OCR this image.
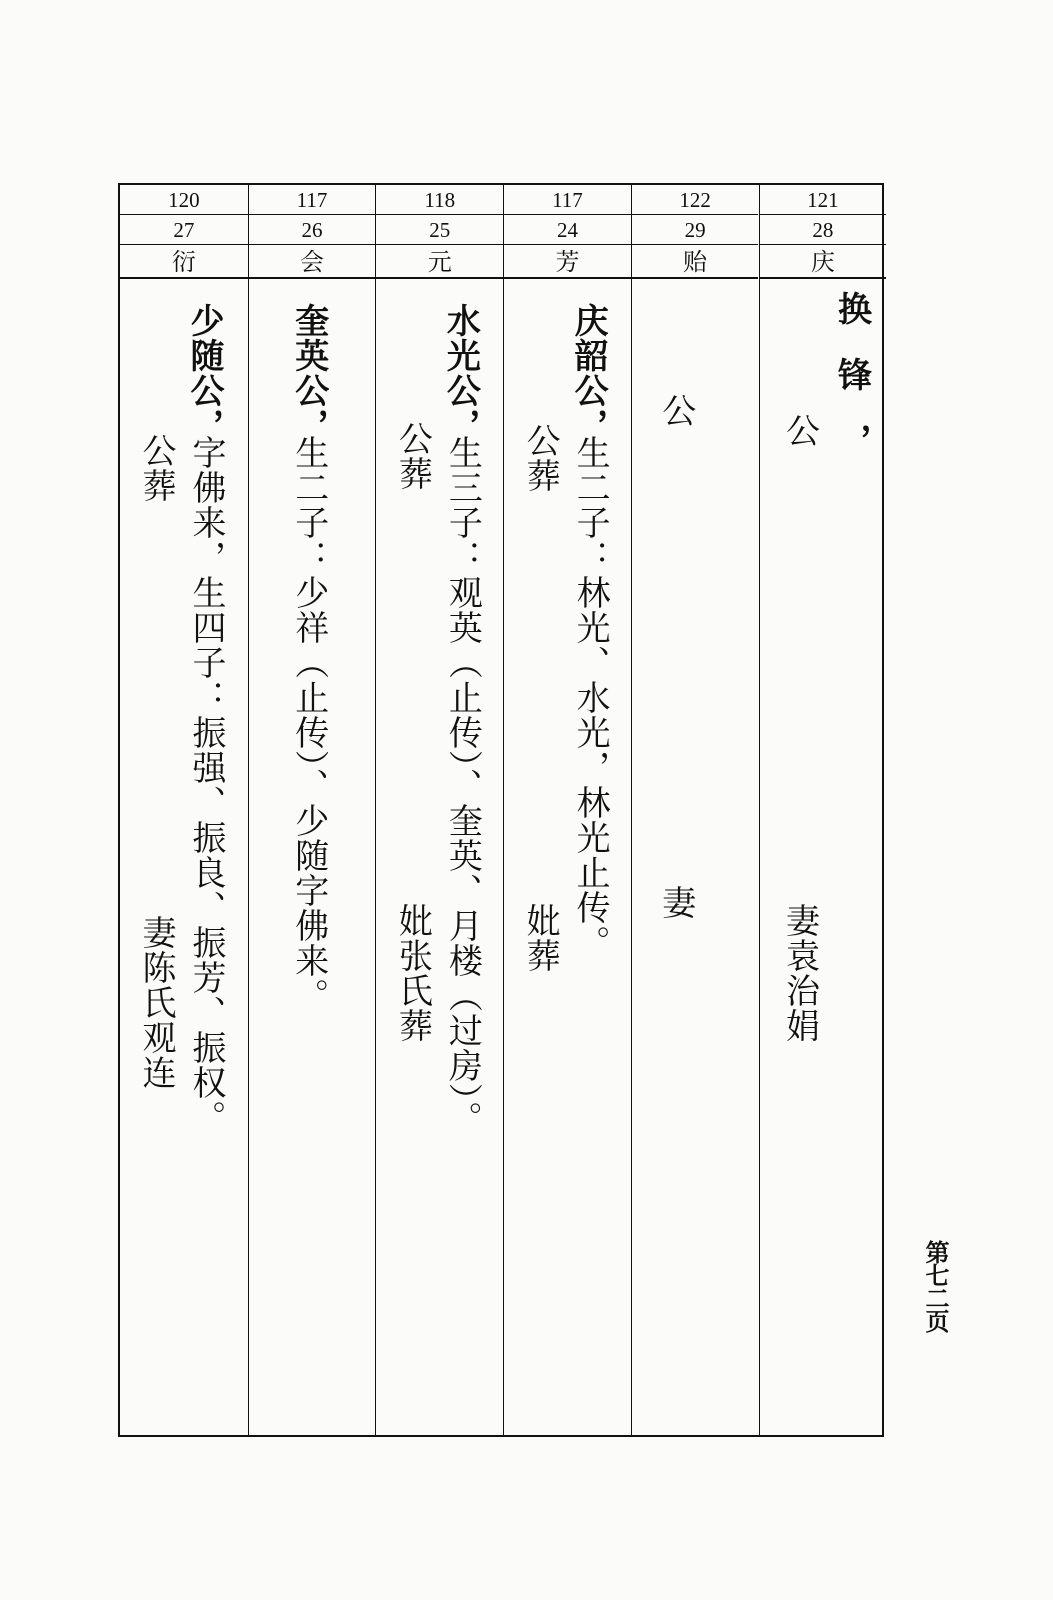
120
27
衍
少随公，
字佛来，生四子：振强、振良、振芳、振权。
公葬
妻陈氏观连
117
26
会
奎英公，
生二子：少祥（止传）、少随字佛来。
118
25
元
水光公，
生三子：观英（止传）、奎英、月楼（过房）。
公葬
妣张氏葬
117
24
芳
庆韶公，
生二子：林光、水光，林光止传。
公葬
妣葬
122
29
贻
公
妻
121
28
庆
换锋，
公
妻袁治娟
第七二页
